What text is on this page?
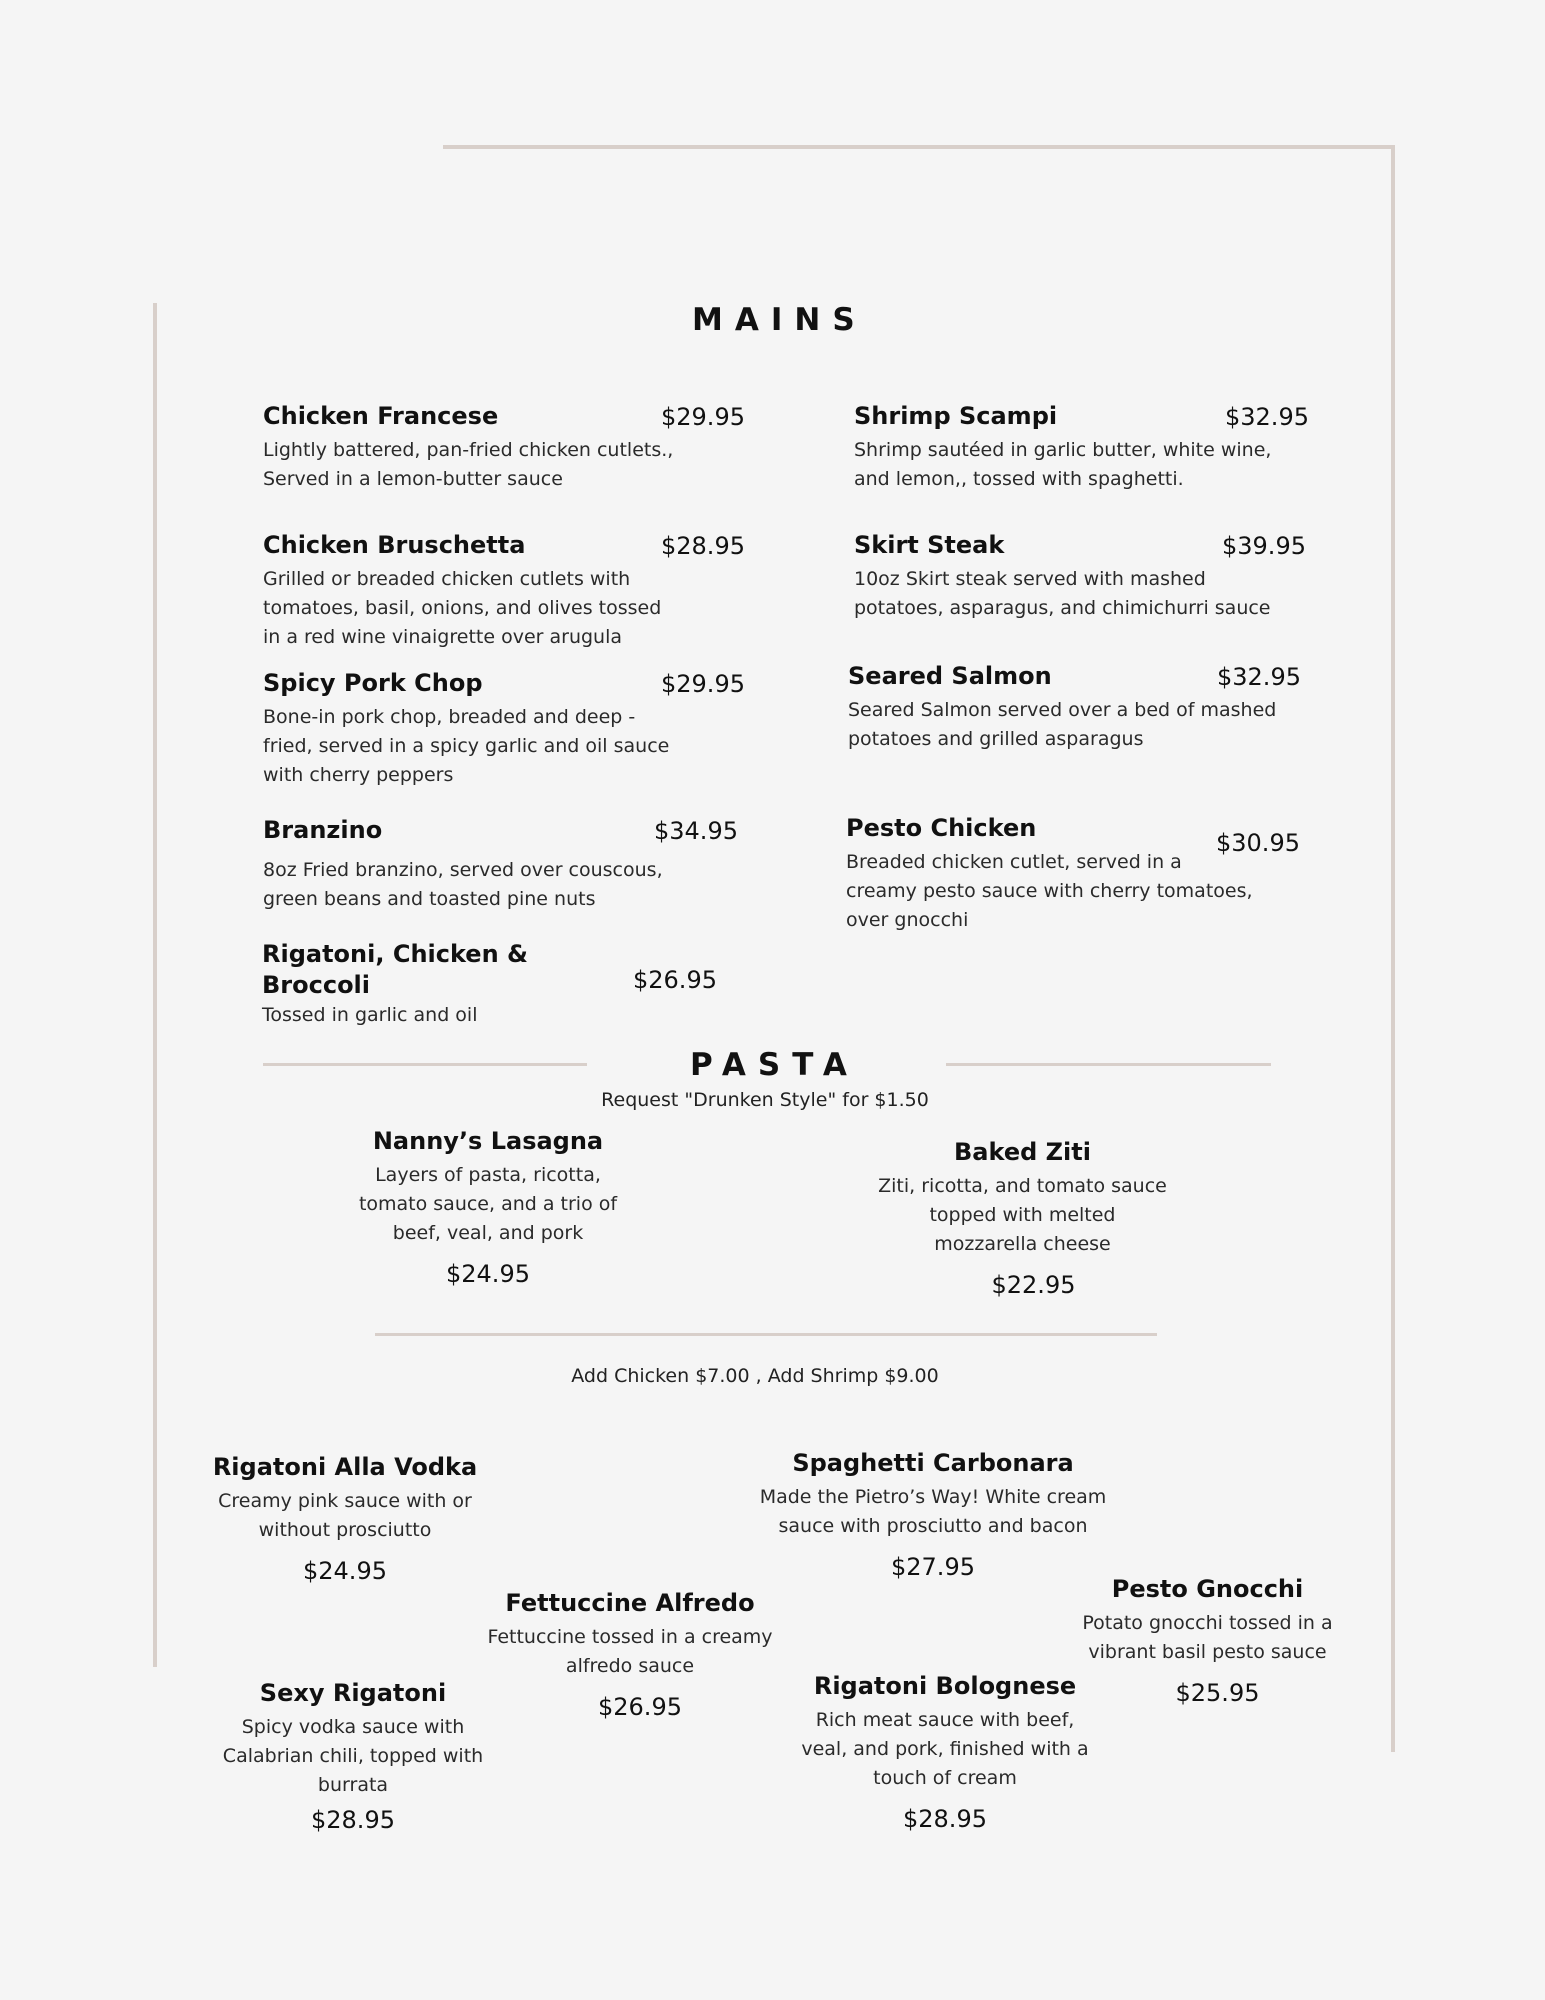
MAINS
Chicken Francese
Lightly battered, pan-fried chicken cutlets., Served in a lemon-butter sauce
$29.95
Chicken Bruschetta
Grilled or breaded chicken cutlets with tomatoes, basil, onions, and olives tossed in a red wine vinaigrette over arugula
$28.95
Spicy Pork Chop
Bone-in pork chop, breaded and deep -fried, served in a spicy garlic and oil sauce with cherry peppers
$29.95
Branzino
8oz Fried branzino, served over couscous, green beans and toasted pine nuts
$34.95
Rigatoni, Chicken & Broccoli
Tossed in garlic and oil
$26.95
Shrimp Scampi
Shrimp sautéed in garlic butter, white wine, and lemon,, tossed with spaghetti.
$32.95
Skirt Steak
10oz Skirt steak served with mashed potatoes, asparagus, and chimichurri sauce
$39.95
Seared Salmon
Seared Salmon served over a bed of mashed potatoes and grilled asparagus
$32.95
Pesto Chicken
Breaded chicken cutlet, served in a creamy pesto sauce with cherry tomatoes, over gnocchi
$30.95
PASTA
Request "Drunken Style" for $1.50
Nanny’s Lasagna
Layers of pasta, ricotta, tomato sauce, and a trio of beef, veal, and pork
$24.95
Baked Ziti
Ziti, ricotta, and tomato sauce topped with melted mozzarella cheese
$22.95
Add Chicken $7.00 , Add Shrimp $9.00
Rigatoni Alla Vodka
Creamy pink sauce with or without prosciutto
$24.95
Spaghetti Carbonara
Made the Pietro’s Way! White cream sauce with prosciutto and bacon
$27.95
Fettuccine Alfredo
Fettuccine tossed in a creamy alfredo sauce
$26.95
Pesto Gnocchi
Potato gnocchi tossed in a vibrant basil pesto sauce
$25.95
Sexy Rigatoni
Spicy vodka sauce with Calabrian chili, topped with burrata
$28.95
Rigatoni Bolognese
Rich meat sauce with beef, veal, and pork, finished with a touch of cream
$28.95
